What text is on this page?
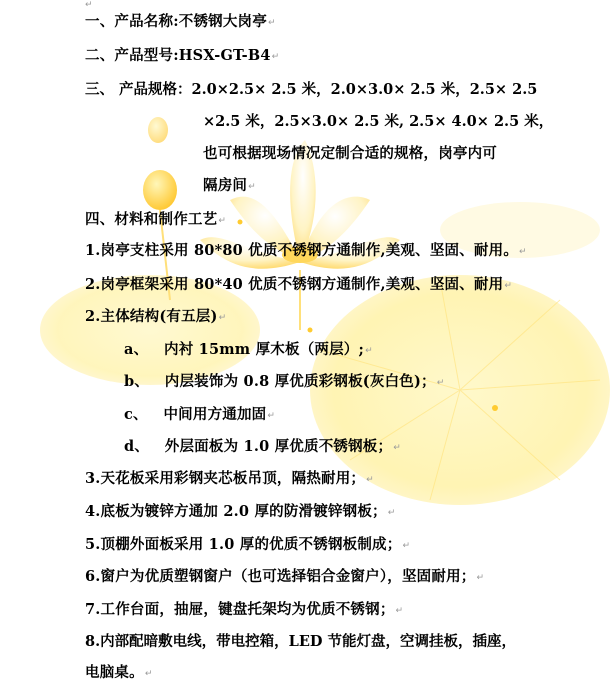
↵
一、产品名称:不锈钢大岗亭↵
二、产品型号:HSX-GT-B4↵
三、 产品规格：2.0×2.5× 2.5 米，2.0×3.0× 2.5 米，2.5× 2.5
×2.5 米，2.5×3.0× 2.5 米, 2.5× 4.0× 2.5 米，
也可根据现场情况定制合适的规格，岗亭内可
隔房间↵
四、材料和制作工艺↵
1.岗亭支柱采用 80*80 优质不锈钢方通制作,美观、坚固、耐用。↵
2.岗亭框架采用 80*40 优质不锈钢方通制作,美观、坚固、耐用↵
2.主体结构(有五层)↵
a、   内衬 15mm 厚木板（两层）;↵
b、   内层装饰为 0.8 厚优质彩钢板(灰白色)；↵
c、   中间用方通加固↵
d、   外层面板为 1.0 厚优质不锈钢板；↵
3.天花板采用彩钢夹芯板吊顶，隔热耐用；↵
4.底板为镀锌方通加 2.0 厚的防滑镀锌钢板；↵
5.顶棚外面板采用 1.0 厚的优质不锈钢板制成；↵
6.窗户为优质塑钢窗户（也可选择铝合金窗户），坚固耐用；↵
7.工作台面，抽屉，键盘托架均为优质不锈钢；↵
8.内部配暗敷电线，带电控箱，LED 节能灯盘，空调挂板，插座，
电脑桌。↵
